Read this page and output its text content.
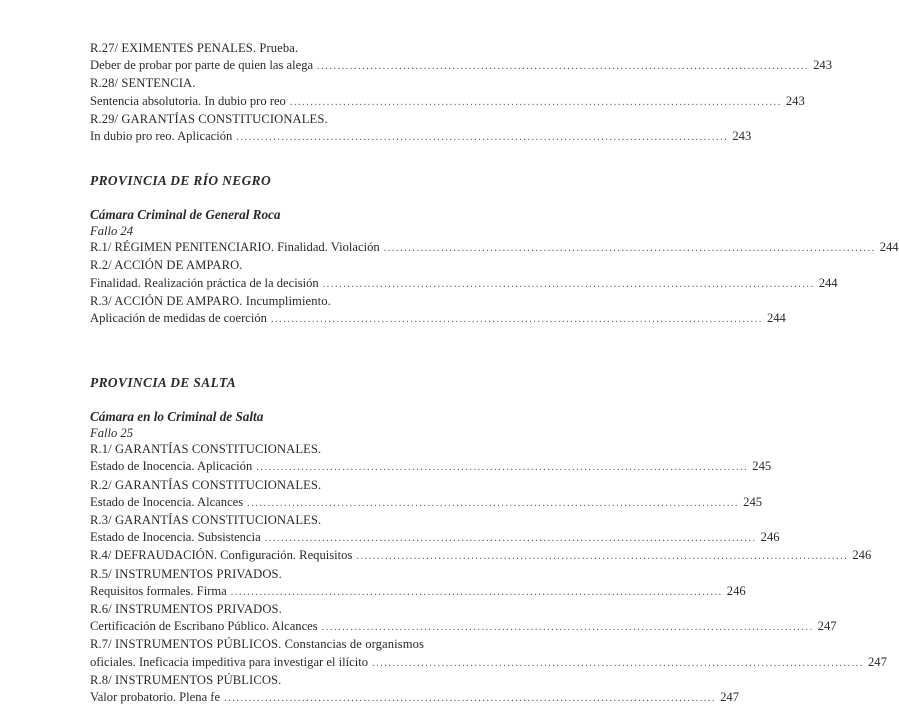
R.27/ EXIMENTES PENALES. Prueba.
Deber de probar por parte de quien las alega ........................................................................................................................ 243
R.28/ SENTENCIA.
Sentencia absolutoria. In dubio pro reo ........................................................................................................................ 243
R.29/ GARANTÍAS CONSTITUCIONALES.
In dubio pro reo. Aplicación ........................................................................................................................ 243
PROVINCIA DE RÍO NEGRO
Cámara Criminal de General Roca
Fallo 24
R.1/ RÉGIMEN PENITENCIARIO. Finalidad. Violación ........................................................................................................................ 244
R.2/ ACCIÓN DE AMPARO.
Finalidad. Realización práctica de la decisión ........................................................................................................................ 244
R.3/ ACCIÓN DE AMPARO. Incumplimiento.
Aplicación de medidas de coerción ........................................................................................................................ 244
PROVINCIA DE SALTA
Cámara en lo Criminal de Salta
Fallo 25
R.1/ GARANTÍAS CONSTITUCIONALES.
Estado de Inocencia. Aplicación ........................................................................................................................ 245
R.2/ GARANTÍAS CONSTITUCIONALES.
Estado de Inocencia. Alcances ........................................................................................................................ 245
R.3/ GARANTÍAS CONSTITUCIONALES.
Estado de Inocencia. Subsistencia ........................................................................................................................ 246
R.4/ DEFRAUDACIÓN. Configuración. Requisitos ........................................................................................................................ 246
R.5/ INSTRUMENTOS PRIVADOS.
Requisitos formales. Firma ........................................................................................................................ 246
R.6/ INSTRUMENTOS PRIVADOS.
Certificación de Escribano Público. Alcances ........................................................................................................................ 247
R.7/ INSTRUMENTOS PÚBLICOS. Constancias de organismos
oficiales. Ineficacia impeditiva para investigar el ilícito ........................................................................................................................ 247
R.8/ INSTRUMENTOS PÚBLICOS.
Valor probatorio. Plena fe ........................................................................................................................ 247
